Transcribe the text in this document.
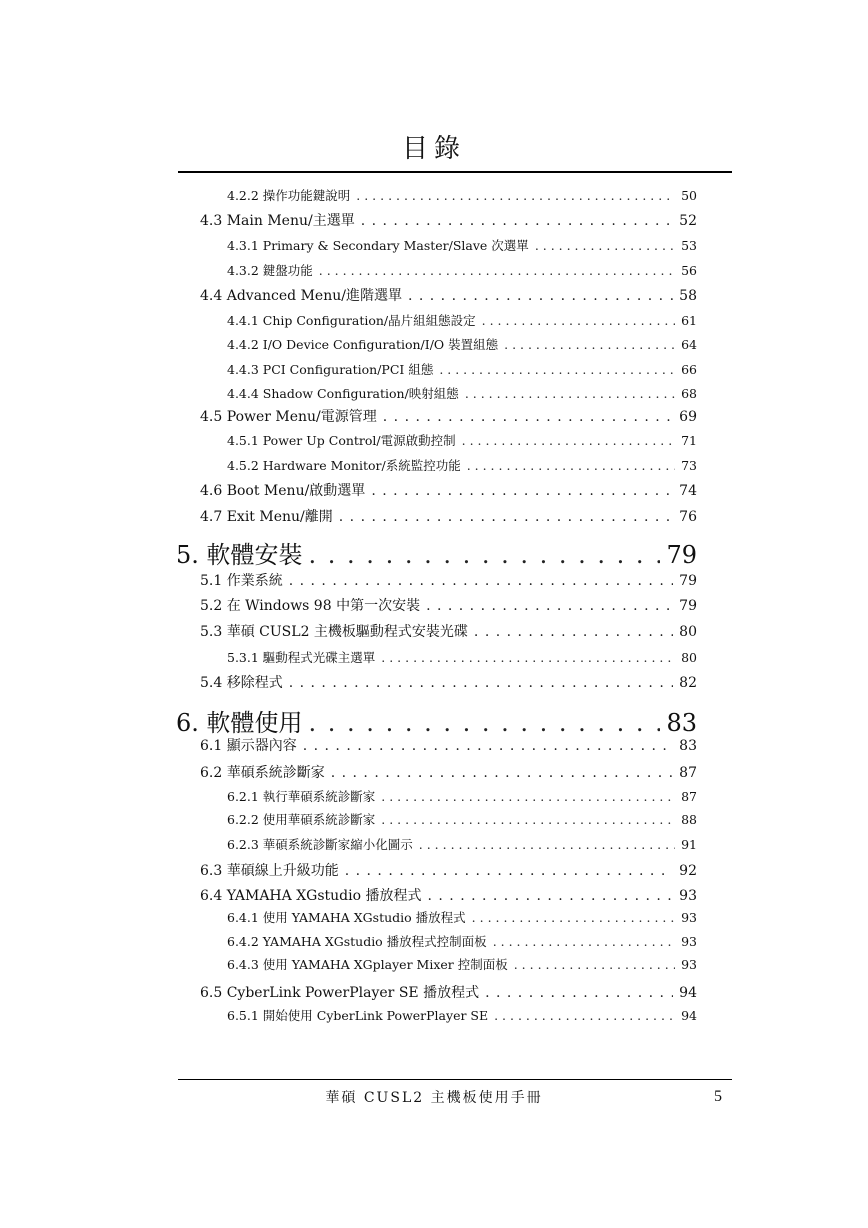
目錄
4.2.2 操作功能鍵說明 . . .	50
4.3 Main Menu/主選單 . . .	52
4.3.1 Primary & Secondary Master/Slave 次選單 . . .	53
4.3.2 鍵盤功能 . . .	56
4.4 Advanced Menu/進階選單 . . .	58
4.4.1 Chip Configuration/晶片組組態設定 . . .	61
4.4.2 I/O Device Configuration/I/O 裝置組態 . . .	64
4.4.3 PCI Configuration/PCI 組態 . . .	66
4.4.4 Shadow Configuration/映射組態 . . .	68
4.5 Power Menu/電源管理 . . .	69
4.5.1 Power Up Control/電源啟動控制 . . .	71
4.5.2 Hardware Monitor/系統監控功能 . . .	73
4.6 Boot Menu/啟動選單 . . .	74
4.7 Exit Menu/離開 . . .	76
5. 軟體安裝 . . .	79
5.1 作業系統 . . .	79
5.2 在 Windows 98 中第一次安裝 . . .	79
5.3 華碩 CUSL2 主機板驅動程式安裝光碟 . . .	80
5.3.1 驅動程式光碟主選單 . . .	80
5.4 移除程式 . . .	82
6. 軟體使用 . . .	83
6.1 顯示器內容 . . .	83
6.2 華碩系統診斷家 . . .	87
6.2.1 執行華碩系統診斷家 . . .	87
6.2.2 使用華碩系統診斷家 . . .	88
6.2.3 華碩系統診斷家縮小化圖示 . . .	91
6.3 華碩線上升級功能 . . .	92
6.4 YAMAHA XGstudio 播放程式 . . .	93
6.4.1 使用 YAMAHA XGstudio 播放程式 . . .	93
6.4.2 YAMAHA XGstudio 播放程式控制面板 . . .	93
6.4.3 使用 YAMAHA XGplayer Mixer 控制面板 . . .	93
6.5 CyberLink PowerPlayer SE 播放程式 . . .	94
6.5.1 開始使用 CyberLink PowerPlayer SE . . .	94
華碩 CUSL2 主機板使用手冊	5
